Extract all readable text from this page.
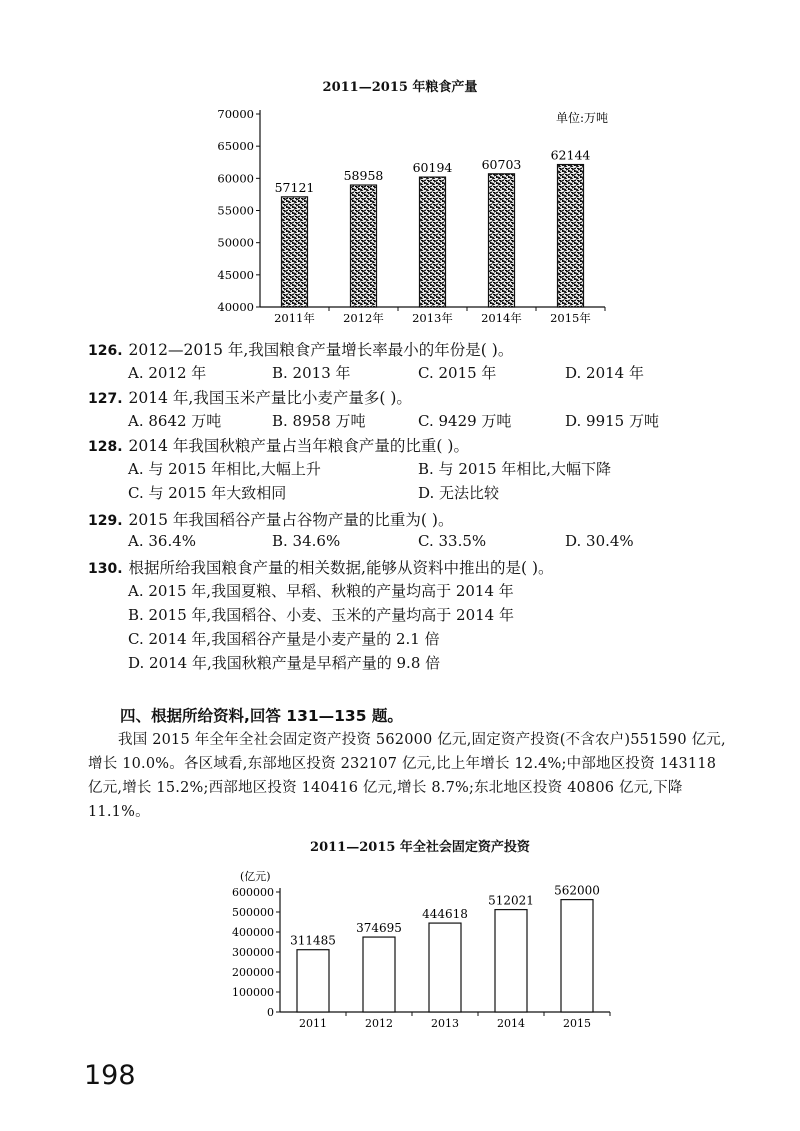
2011—2015 年粮食产量
40000
45000
50000
55000
60000
65000
70000	单位:万吨
57121
2011年
58958
2012年
60194
2013年
60703
2014年
62144
2015年
126. 2012—2015 年,我国粮食产量增长率最小的年份是( )。
A. 2012 年	B. 2013 年	C. 2015 年	D. 2014 年
127. 2014 年,我国玉米产量比小麦产量多( )。
A. 8642 万吨	B. 8958 万吨	C. 9429 万吨	D. 9915 万吨
128. 2014 年我国秋粮产量占当年粮食产量的比重( )。
A. 与 2015 年相比,大幅上升	B. 与 2015 年相比,大幅下降
C. 与 2015 年大致相同	D. 无法比较
129. 2015 年我国稻谷产量占谷物产量的比重为( )。
A. 36.4%	B. 34.6%	C. 33.5%	D. 30.4%
130. 根据所给我国粮食产量的相关数据,能够从资料中推出的是( )。
A. 2015 年,我国夏粮、早稻、秋粮的产量均高于 2014 年
B. 2015 年,我国稻谷、小麦、玉米的产量均高于 2014 年
C. 2014 年,我国稻谷产量是小麦产量的 2.1 倍
D. 2014 年,我国秋粮产量是早稻产量的 9.8 倍
四、根据所给资料,回答 131—135 题。
我国 2015 年全年全社会固定资产投资 562000 亿元,固定资产投资(不含农户)551590 亿元,增长 10.0%。各区域看,东部地区投资 232107 亿元,比上年增长 12.4%;中部地区投资 143118 亿元,增长 15.2%;西部地区投资 140416 亿元,增长 8.7%;东北地区投资 40806 亿元,下降 11.1%。
2011—2015 年全社会固定资产投资
0
100000
200000
300000
400000
500000
600000
(亿元)
311485
2011
374695
2012
444618
2013
512021
2014
562000
2015
198
